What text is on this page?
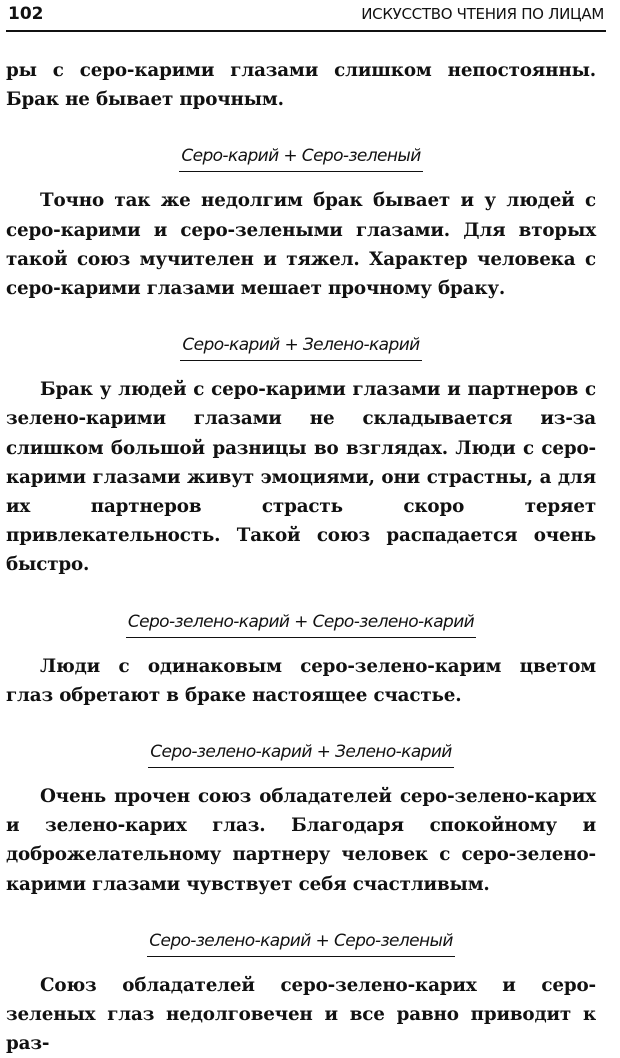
102	ИСКУССТВО ЧТЕНИЯ ПО ЛИЦАМ

ры с серо-карими глазами слишком непостоянны. Брак не бывает прочным.

Серо-карий + Серо-зеленый

Точно так же недолгим брак бывает и у людей с серо-карими и серо-зелеными глазами. Для вторых такой союз мучителен и тяжел. Характер человека с серо-карими глазами мешает прочному браку.

Серо-карий + Зелено-карий

Брак у людей с серо-карими глазами и партнеров с зелено-карими глазами не складывается из-за слишком большой разницы во взглядах. Люди с серо-карими глазами живут эмоциями, они страстны, а для их партнеров страсть скоро теряет привлекательность. Такой союз распадается очень быстро.

Серо-зелено-карий + Серо-зелено-карий

Люди с одинаковым серо-зелено-карим цветом глаз обретают в браке настоящее счастье.

Серо-зелено-карий + Зелено-карий

Очень прочен союз обладателей серо-зелено-карих и зелено-карих глаз. Благодаря спокойному и доброжелательному партнеру человек с серо-зелено-карими глазами чувствует себя счастливым.

Серо-зелено-карий + Серо-зеленый

Союз обладателей серо-зелено-карих и серо-зеленых глаз недолговечен и все равно приводит к раз-
